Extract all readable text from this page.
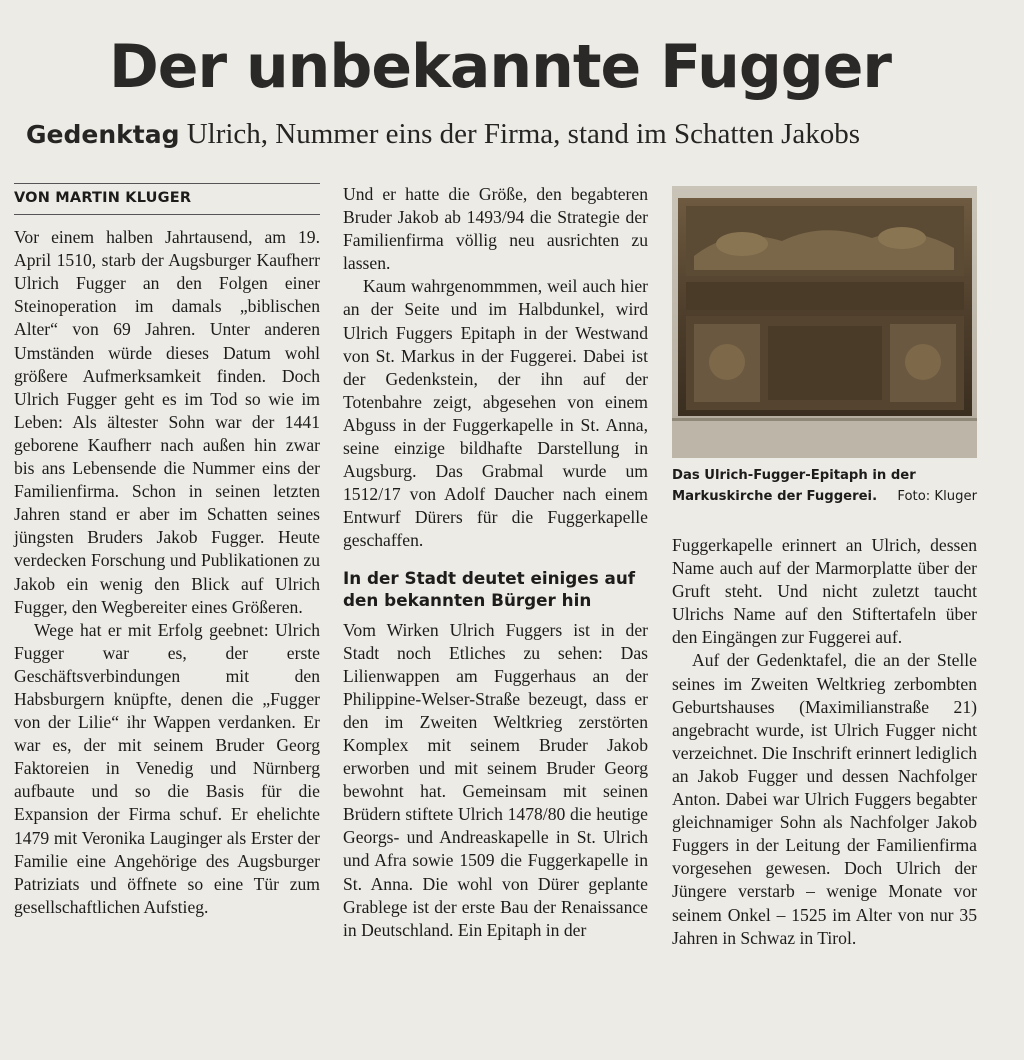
Der unbekannte Fugger
Gedenktag Ulrich, Nummer eins der Firma, stand im Schatten Jakobs
VON MARTIN KLUGER

Vor einem halben Jahrtausend, am 19. April 1510, starb der Augsburger Kaufherr Ulrich Fugger an den Folgen einer Steinoperation im damals „biblischen Alter“ von 69 Jahren. Unter anderen Umständen würde dieses Datum wohl größere Aufmerksamkeit finden. Doch Ulrich Fugger geht es im Tod so wie im Leben: Als ältester Sohn war der 1441 geborene Kaufherr nach außen hin zwar bis ans Lebensende die Nummer eins der Familienfirma. Schon in seinen letzten Jahren stand er aber im Schatten seines jüngsten Bruders Jakob Fugger. Heute verdecken Forschung und Publikationen zu Jakob ein wenig den Blick auf Ulrich Fugger, den Wegbereiter eines Größeren.

Wege hat er mit Erfolg geebnet: Ulrich Fugger war es, der erste Geschäftsverbindungen mit den Habsburgern knüpfte, denen die „Fugger von der Lilie“ ihr Wappen verdanken. Er war es, der mit seinem Bruder Georg Faktoreien in Venedig und Nürnberg aufbaute und so die Basis für die Expansion der Firma schuf. Er ehelichte 1479 mit Veronika Lauginger als Erster der Familie eine Angehörige des Augsburger Patriziats und öffnete so eine Tür zum gesellschaftlichen Aufstieg.

Und er hatte die Größe, den begabteren Bruder Jakob ab 1493/94 die Strategie der Familienfirma völlig neu ausrichten zu lassen.

Kaum wahrgenommmen, weil auch hier an der Seite und im Halbdunkel, wird Ulrich Fuggers Epitaph in der Westwand von St. Markus in der Fuggerei. Dabei ist der Gedenkstein, der ihn auf der Totenbahre zeigt, abgesehen von einem Abguss in der Fuggerkapelle in St. Anna, seine einzige bildhafte Darstellung in Augsburg. Das Grabmal wurde um 1512/17 von Adolf Daucher nach einem Entwurf Dürers für die Fuggerkapelle geschaffen.

In der Stadt deutet einiges auf den bekannten Bürger hin

Vom Wirken Ulrich Fuggers ist in der Stadt noch Etliches zu sehen: Das Lilienwappen am Fuggerhaus an der Philippine-Welser-Straße bezeugt, dass er den im Zweiten Weltkrieg zerstörten Komplex mit seinem Bruder Jakob erworben und mit seinem Bruder Georg bewohnt hat. Gemeinsam mit seinen Brüdern stiftete Ulrich 1478/80 die heutige Georgs- und Andreaskapelle in St. Ulrich und Afra sowie 1509 die Fuggerkapelle in St. Anna. Die wohl von Dürer geplante Grablege ist der erste Bau der Renaissance in Deutschland. Ein Epitaph in der

Das Ulrich-Fugger-Epitaph in der Markuskirche der Fuggerei. Foto: Kluger

Fuggerkapelle erinnert an Ulrich, dessen Name auch auf der Marmorplatte über der Gruft steht. Und nicht zuletzt taucht Ulrichs Name auf den Stiftertafeln über den Eingängen zur Fuggerei auf.

Auf der Gedenktafel, die an der Stelle seines im Zweiten Weltkrieg zerbombten Geburtshauses (Maximilianstraße 21) angebracht wurde, ist Ulrich Fugger nicht verzeichnet. Die Inschrift erinnert lediglich an Jakob Fugger und dessen Nachfolger Anton. Dabei war Ulrich Fuggers begabter gleichnamiger Sohn als Nachfolger Jakob Fuggers in der Leitung der Familienfirma vorgesehen gewesen. Doch Ulrich der Jüngere verstarb – wenige Monate vor seinem Onkel – 1525 im Alter von nur 35 Jahren in Schwaz in Tirol.
